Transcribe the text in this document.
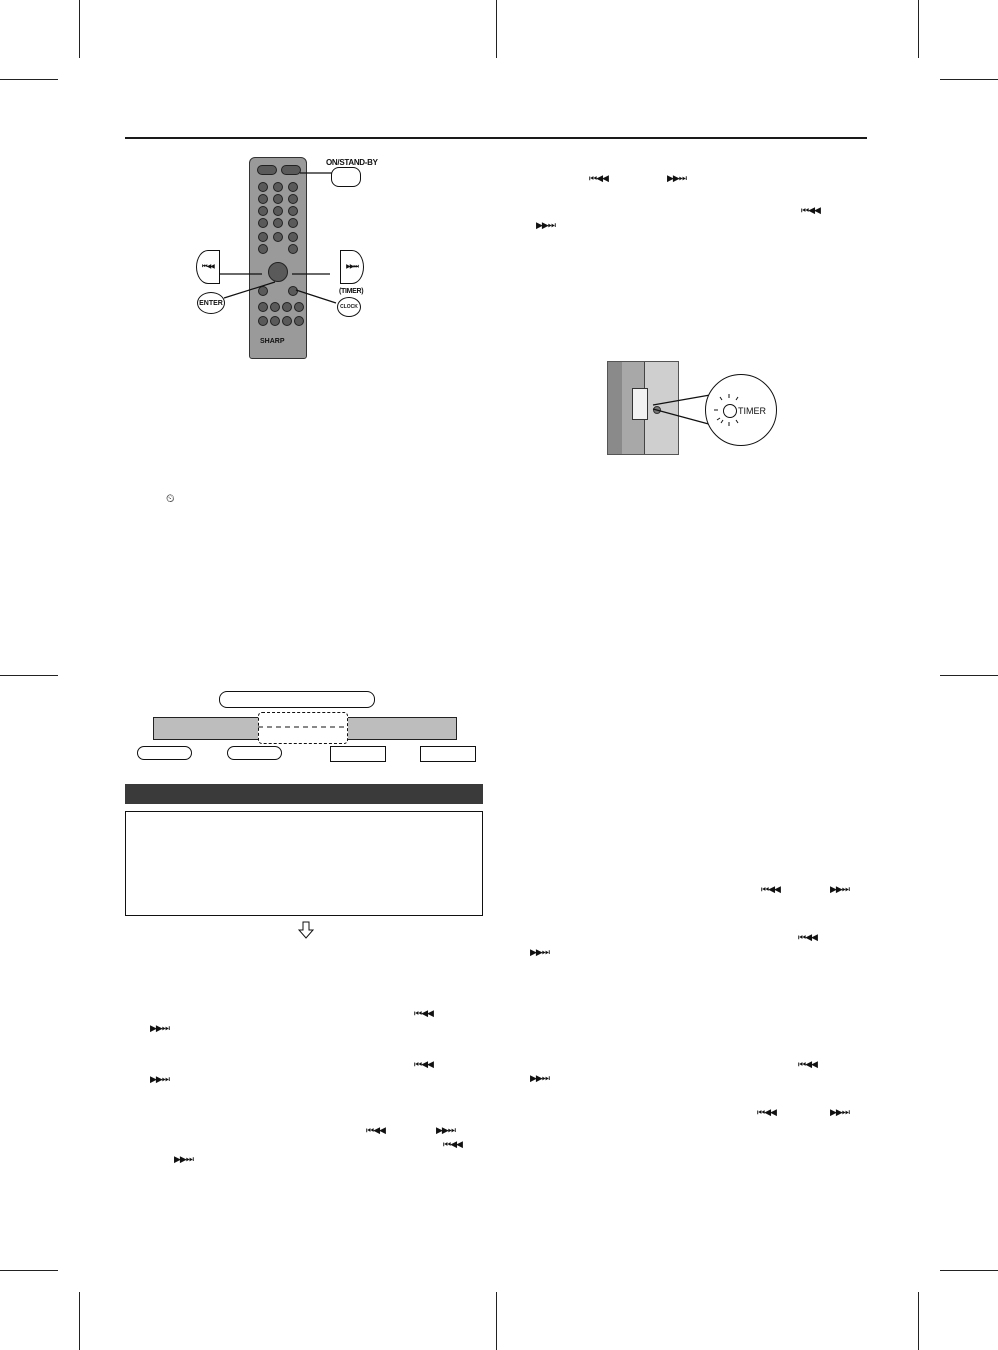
SHARP
ON/STAND-BY
⏮◀◀	▶▶⏭
ENTER
(TIMER)
CLOCK
⏲
⏮◀◀	▶▶⏭
⏮◀◀
▶▶⏭
⏮◀◀	▶▶⏭
⏮◀◀
▶▶⏭
⏮◀◀
▶▶⏭
⏮◀◀	▶▶⏭
⏮◀◀
▶▶⏭
⏮◀◀
▶▶⏭
⏮◀◀	▶▶⏭
⏮◀◀
▶▶⏭
TIMER
